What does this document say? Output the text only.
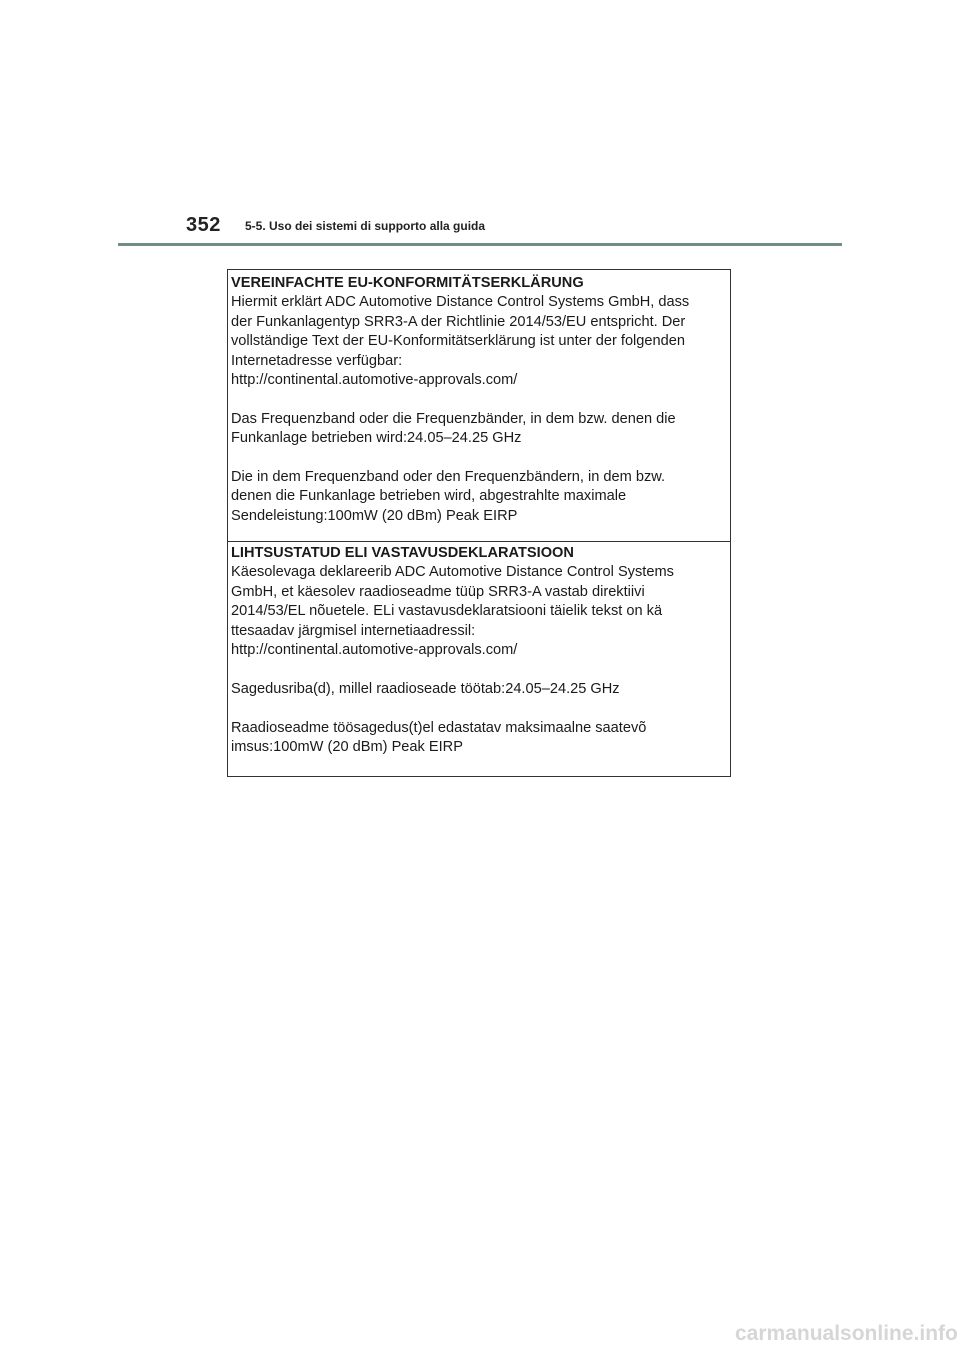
352 5-5. Uso dei sistemi di supporto alla guida

VEREINFACHTE EU-KONFORMITÄTSERKLÄRUNG

Hiermit erklärt ADC Automotive Distance Control Systems GmbH, dass

der Funkanlagentyp SRR3-A der Richtlinie 2014/53/EU entspricht. Der

vollständige Text der EU-Konformitätserklärung ist unter der folgenden

Internetadresse verfügbar:

http://continental.automotive-approvals.com/

Das Frequenzband oder die Frequenzbänder, in dem bzw. denen die

Funkanlage betrieben wird:24.05–24.25 GHz

Die in dem Frequenzband oder den Frequenzbändern, in dem bzw.

denen die Funkanlage betrieben wird, abgestrahlte maximale

Sendeleistung:100mW (20 dBm) Peak EIRP

LIHTSUSTATUD ELI VASTAVUSDEKLARATSIOON

Käesolevaga deklareerib ADC Automotive Distance Control Systems

GmbH, et käesolev raadioseadme tüüp SRR3-A vastab direktiivi

2014/53/EL nõuetele. ELi vastavusdeklaratsiooni täielik tekst on kä

ttesaadav järgmisel internetiaadressil:

http://continental.automotive-approvals.com/

Sagedusriba(d), millel raadioseade töötab:24.05–24.25 GHz

Raadioseadme töösagedus(t)el edastatav maksimaalne saatevõ

imsus:100mW (20 dBm) Peak EIRP

carmanualsonline.info
